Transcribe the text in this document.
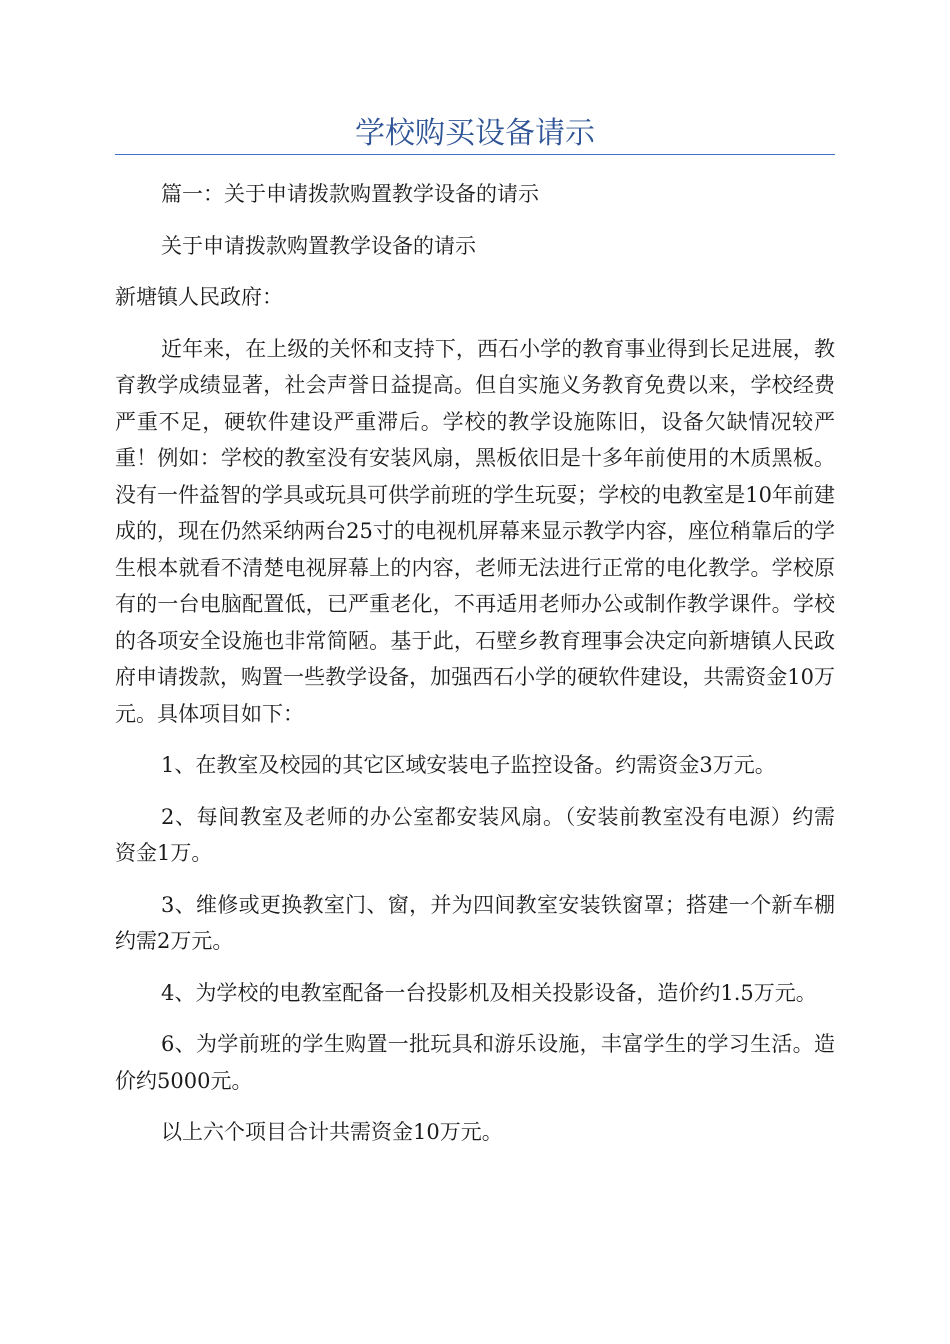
学校购买设备请示

篇一：关于申请拨款购置教学设备的请示

关于申请拨款购置教学设备的请示

新塘镇人民政府：

近年来，在上级的关怀和支持下，西石小学的教育事业得到长足进展，教育教学成绩显著，社会声誉日益提高。但自实施义务教育免费以来，学校经费严重不足，硬软件建设严重滞后。学校的教学设施陈旧，设备欠缺情况较严重！例如：学校的教室没有安装风扇，黑板依旧是十多年前使用的木质黑板。没有一件益智的学具或玩具可供学前班的学生玩耍；学校的电教室是10年前建成的，现在仍然采纳两台25寸的电视机屏幕来显示教学内容，座位稍靠后的学生根本就看不清楚电视屏幕上的内容，老师无法进行正常的电化教学。学校原有的一台电脑配置低，已严重老化，不再适用老师办公或制作教学课件。学校的各项安全设施也非常简陋。基于此，石壁乡教育理事会决定向新塘镇人民政府申请拨款，购置一些教学设备，加强西石小学的硬软件建设，共需资金10万元。具体项目如下：

1、在教室及校园的其它区域安装电子监控设备。约需资金3万元。

2、每间教室及老师的办公室都安装风扇。（安装前教室没有电源）约需资金1万。

3、维修或更换教室门、窗，并为四间教室安装铁窗罩；搭建一个新车棚约需2万元。

4、为学校的电教室配备一台投影机及相关投影设备，造价约1.5万元。

6、为学前班的学生购置一批玩具和游乐设施，丰富学生的学习生活。造价约5000元。

以上六个项目合计共需资金10万元。
